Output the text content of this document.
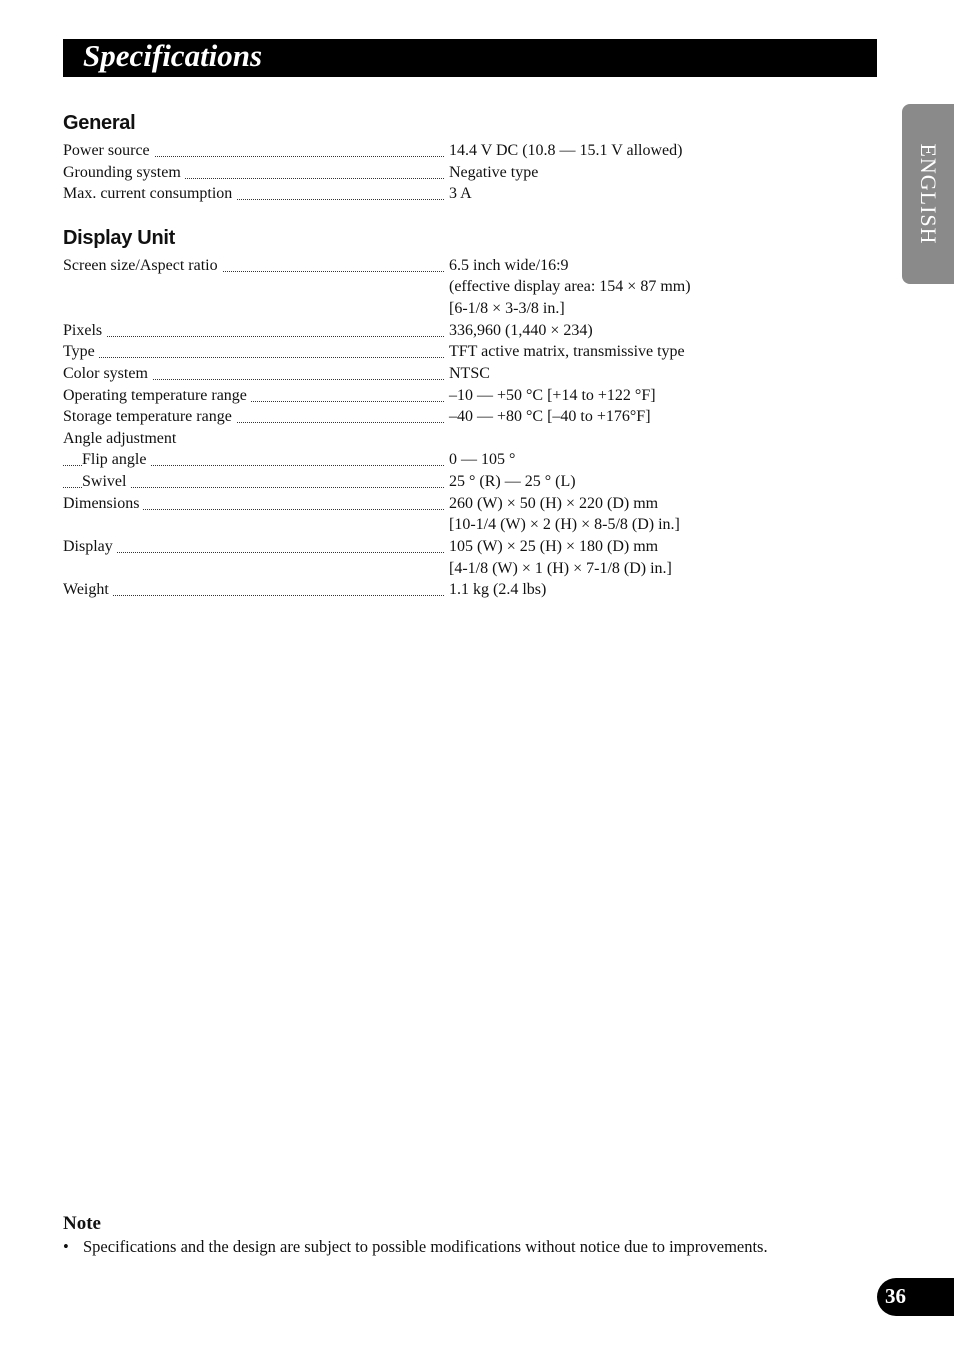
Specifications
ENGLISH
General
Power source	14.4 V DC (10.8 — 15.1 V allowed)
Grounding system	Negative type
Max. current consumption	3 A
Display Unit
Screen size/Aspect ratio	6.5 inch wide/16:9
(effective display area: 154 × 87 mm)
[6-1/8 × 3-3/8 in.]
Pixels	336,960 (1,440 × 234)
Type	TFT active matrix, transmissive type
Color system	NTSC
Operating temperature range	–10 — +50 °C [+14 to +122 °F]
Storage temperature range	–40 — +80 °C [–40 to +176°F]
Angle adjustment
Flip angle	0 — 105 °
Swivel	25 ° (R) — 25 ° (L)
Dimensions	260 (W) × 50 (H) × 220 (D) mm
[10-1/4 (W) × 2 (H) × 8-5/8 (D) in.]
Display	105 (W) × 25 (H) × 180 (D) mm
[4-1/8 (W) × 1 (H) × 7-1/8 (D) in.]
Weight	1.1 kg (2.4 lbs)
Note
• Specifications and the design are subject to possible modifications without notice due to improvements.
36
